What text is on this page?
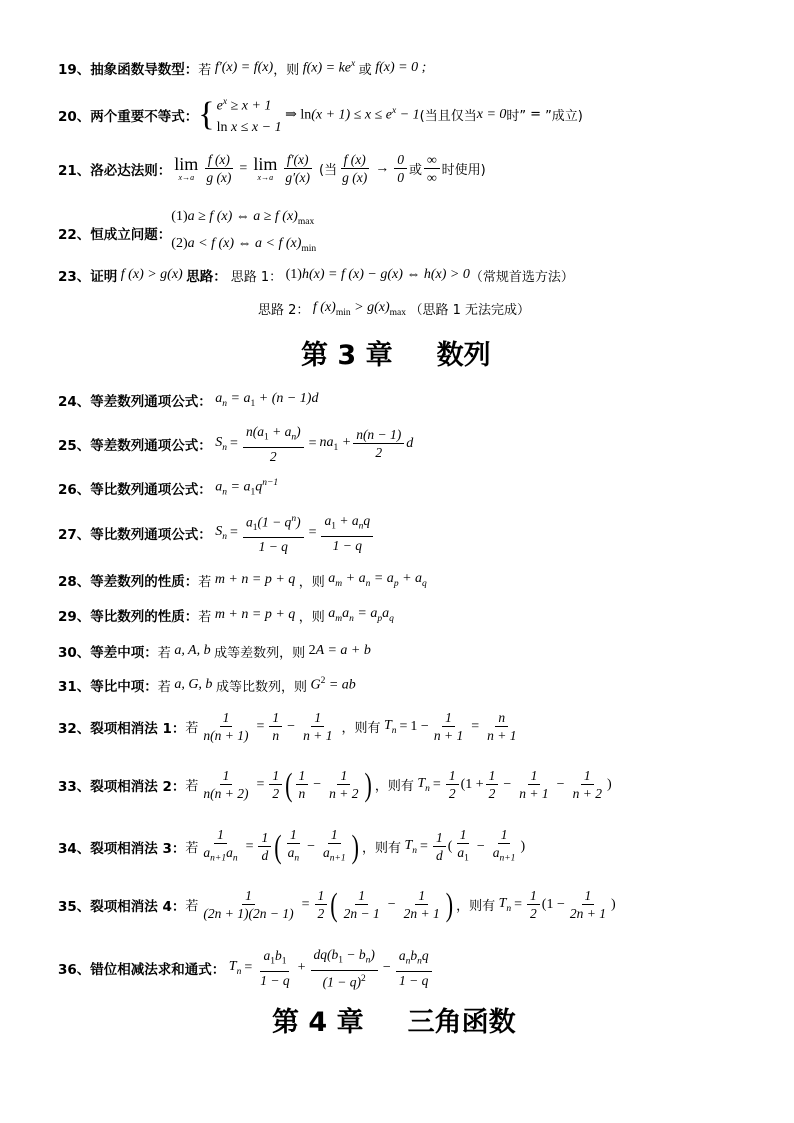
19、 抽象函数导数型： 若 f′(x) = f(x) ，则 $f(x) = ke^x$ 或 f(x) = 0 ;
20、 两个重要不等式： { $e^x \ge x + 1$
ln x ≤ x − 1
⇒ $\ln(x + 1) \le x \le e^x - 1$ (当且仅当 x = 0 时” = ”成立)
21、 洛必达法则： lim
$x\to a \frac{f (x)}{g (x)} = \lim$
$x\to a \frac{f'(x)}{g'(x)}$ (当 $\frac{f (x)}{g (x)} \to \frac{0}{0}$ 或 $\frac{\infty}{\infty}$ 时使用)
22、 恒成立问题：
(1)a ≥ f (x) ⇔ a ≥ f $(x)_{max}$
(2)a < f (x) ⇔ a < f $(x)_{min}$
23、 证明 f (x) > g(x) 思路： 思路 1： (1)h(x) = f (x) − g(x) ⇔ h(x) > 0 （常规首选方法）
思路 2： f $(x)_{min} > g(x)_{max}$ （思路 1 无法完成）
第 3 章 数列
24、 等差数列通项公式： $a_n = a_1 + (n - 1)d$
25、 等差数列通项公式： $S_n = \frac{n(a_1 + a_n)}{2} = na_1 + \frac{n(n - 1)}{2}$ d
26、 等比数列通项公式： $a_n = a_1q^{n-1}$
27、 等比数列通项公式： $S_n = \frac{a_1(1 - q^n)}{1 - q} = \frac{a_1 + a_nq}{1 - q}$
28、 等差数列的性质： 若 m + n = p + q ，则 $a_m + a_n = a_p + a_q$
29、 等比数列的性质： 若 m + n = p + q ，则 $a_ma_n = a_pa_q$
30、 等差中项： 若 a, A, b 成等差数列，则 2A = a + b
31、 等比中项： 若 a, G, b 成等比数列，则 $G^2$ = ab
32、 裂项相消法 1： 若 $\frac{1}{n(n + 1)} = \frac{1}{n} - \frac{1}{n + 1}$ ，则有 $T_n = 1 - \frac{1}{n + 1} = \frac{n}{n + 1}$
33、 裂项相消法 2： 若 $\frac{1}{n(n + 2)} = \frac{1}{2}$ ( $\frac{1}{n} - \frac{1}{n + 2}$ ) ，则有 $T_n = \frac{1}{2} (1 + \frac{1}{2} - \frac{1}{n + 1} - \frac{1}{n + 2}$ )
34、 裂项相消法 3： 若 $\frac{1}{a_{n+1}a_n} = \frac{1}{d}$ ( $\frac{1}{a_n} - \frac{1}{a_{n+1}}$ ) ，则有 $T_n = \frac{1}{d}$ ( $\frac{1}{a_1} - \frac{1}{a_{n+1}}$ )
35、 裂项相消法 4： 若 $\frac{1}{(2n + 1)(2n - 1)} = \frac{1}{2}$ ( $\frac{1}{2n - 1} - \frac{1}{2n + 1}$ ) ，则有 $T_n = \frac{1}{2} (1 - \frac{1}{2n + 1}$ )
36、 错位相减法求和通式： $T_n = \frac{a_1b_1}{1 - q} + \frac{dq(b_1 - b_n)}{(1 - q)^2} - \frac{a_nb_nq}{1 - q}$
第 4 章 三角函数
